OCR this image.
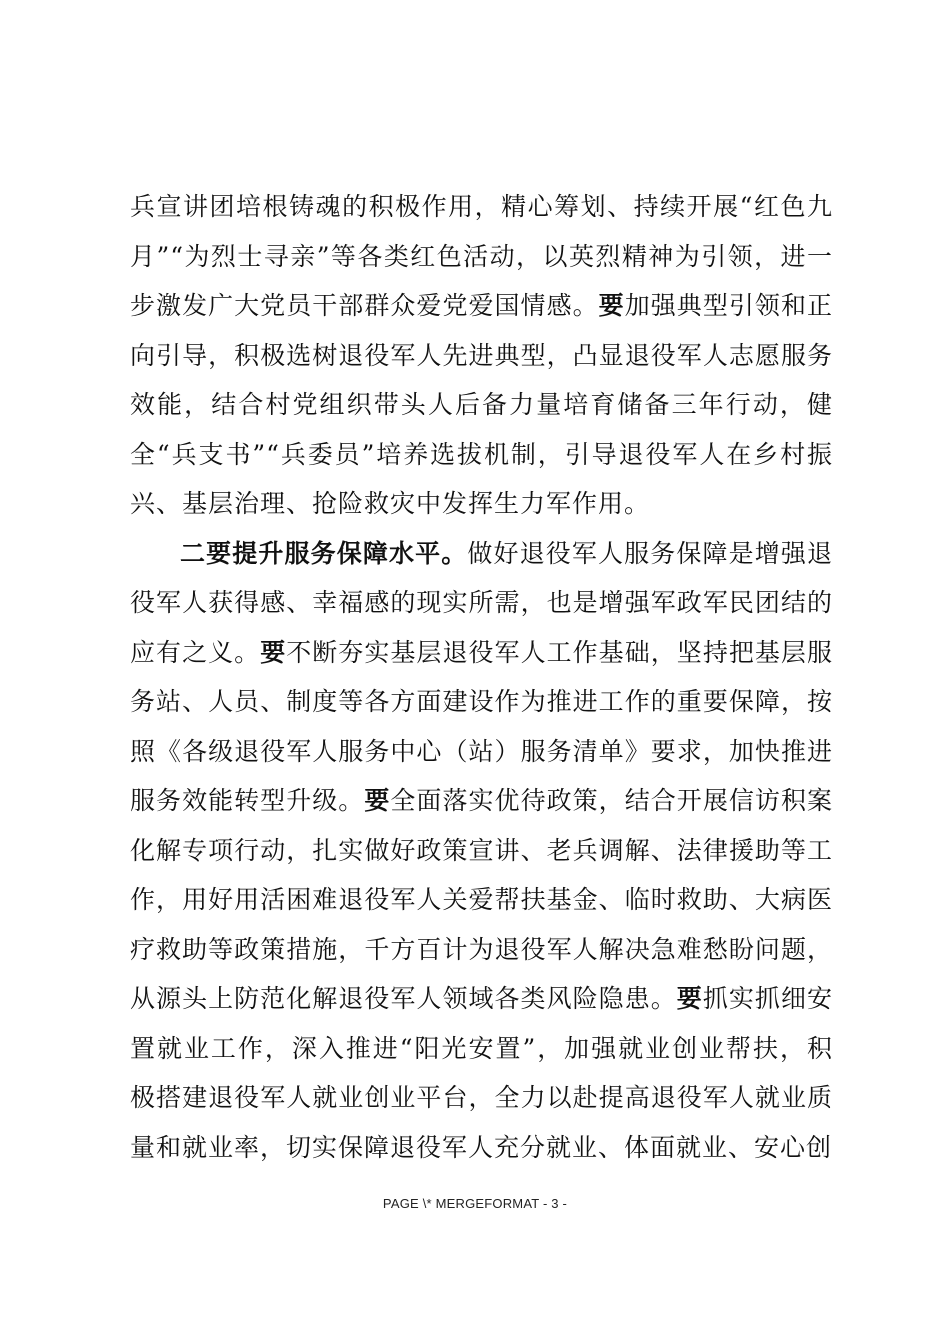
兵宣讲团培根铸魂的积极作用，精心筹划、持续开展“红色九月”“为烈士寻亲”等各类红色活动，以英烈精神为引领，进一步激发广大党员干部群众爱党爱国情感。要加强典型引领和正向引导，积极选树退役军人先进典型，凸显退役军人志愿服务效能，结合村党组织带头人后备力量培育储备三年行动，健全“兵支书”“兵委员”培养选拔机制，引导退役军人在乡村振兴、基层治理、抢险救灾中发挥生力军作用。

二要提升服务保障水平。做好退役军人服务保障是增强退役军人获得感、幸福感的现实所需，也是增强军政军民团结的应有之义。要不断夯实基层退役军人工作基础，坚持把基层服务站、人员、制度等各方面建设作为推进工作的重要保障，按照《各级退役军人服务中心（站）服务清单》要求，加快推进服务效能转型升级。要全面落实优待政策，结合开展信访积案化解专项行动，扎实做好政策宣讲、老兵调解、法律援助等工作，用好用活困难退役军人关爱帮扶基金、临时救助、大病医疗救助等政策措施，千方百计为退役军人解决急难愁盼问题，从源头上防范化解退役军人领域各类风险隐患。要抓实抓细安置就业工作，深入推进“阳光安置”，加强就业创业帮扶，积极搭建退役军人就业创业平台，全力以赴提高退役军人就业质量和就业率，切实保障退役军人充分就业、体面就业、安心创

PAGE \* MERGEFORMAT - 3 -
